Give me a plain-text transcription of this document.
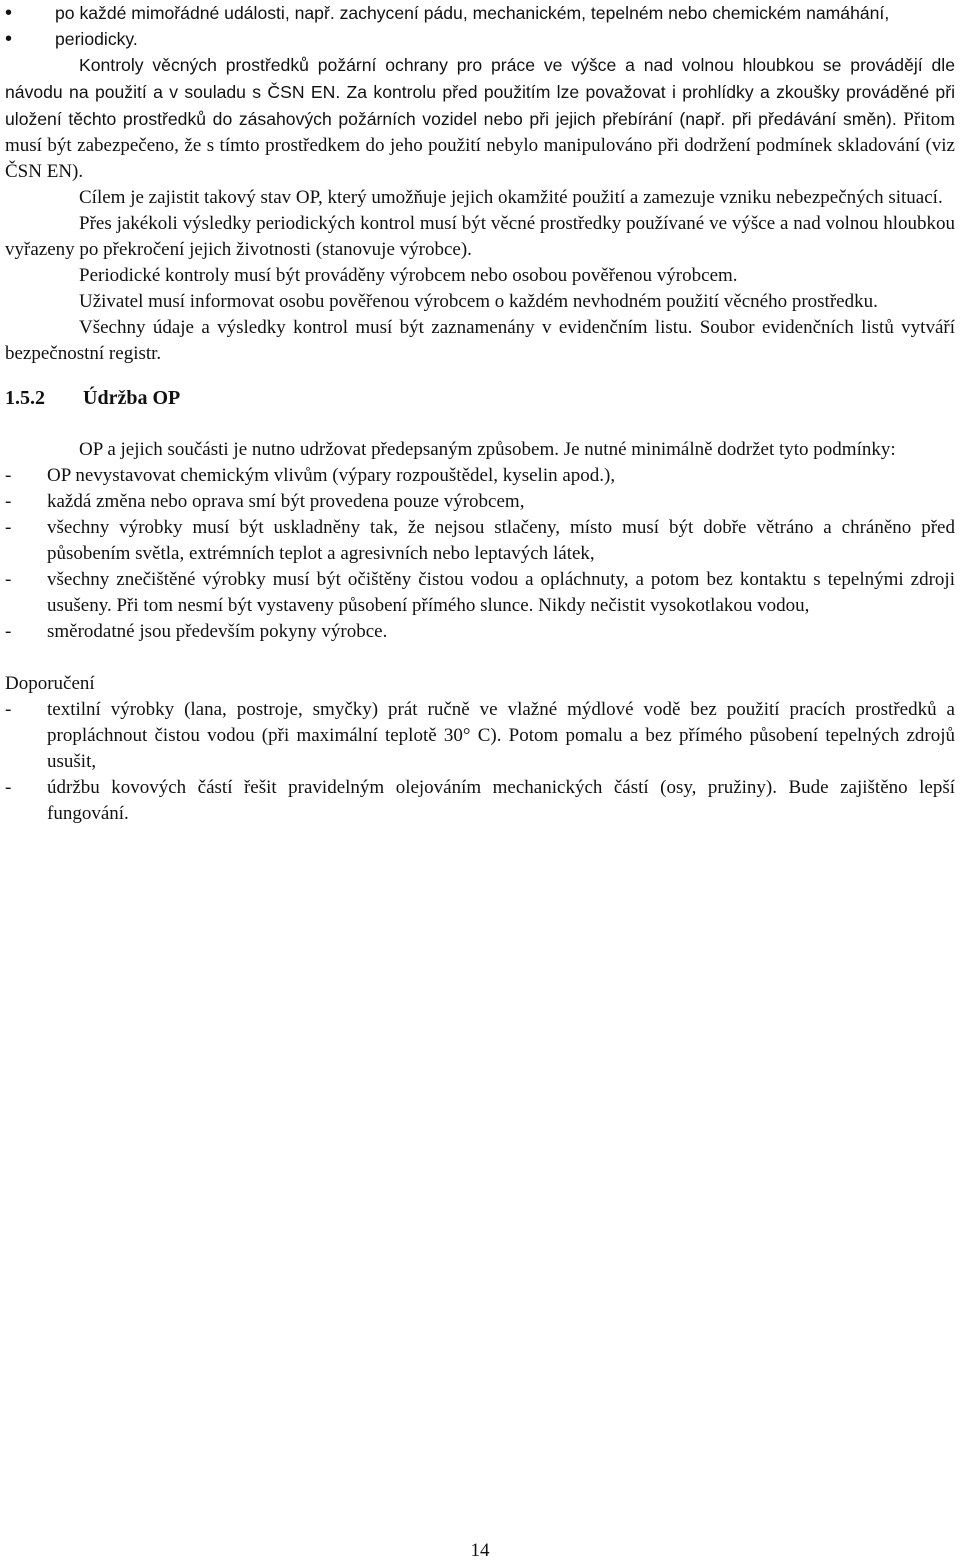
• po každé mimořádné události, např. zachycení pádu, mechanickém, tepelném nebo chemickém namáhání,
• periodicky.

Kontroly věcných prostředků požární ochrany pro práce ve výšce a nad volnou hloubkou se provádějí dle návodu na použití a v souladu s ČSN EN. Za kontrolu před použitím lze považovat i prohlídky a zkoušky prováděné při uložení těchto prostředků do zásahových požárních vozidel nebo při jejich přebírání (např. při předávání směn). Přitom musí být zabezpečeno, že s tímto prostředkem do jeho použití nebylo manipulováno při dodržení podmínek skladování (viz ČSN EN).

Cílem je zajistit takový stav OP, který umožňuje jejich okamžité použití a zamezuje vzniku nebezpečných situací.

Přes jakékoli výsledky periodických kontrol musí být věcné prostředky používané ve výšce a nad volnou hloubkou vyřazeny po překročení jejich životnosti (stanovuje výrobce).

Periodické kontroly musí být prováděny výrobcem nebo osobou pověřenou výrobcem.

Uživatel musí informovat osobu pověřenou výrobcem o každém nevhodném použití věcného prostředku.

Všechny údaje a výsledky kontrol musí být zaznamenány v evidenčním listu. Soubor evidenčních listů vytváří bezpečnostní registr.

1.5.2	Údržba OP

OP a jejich součásti je nutno udržovat předepsaným způsobem. Je nutné minimálně dodržet tyto podmínky:

- OP nevystavovat chemickým vlivům (výpary rozpouštědel, kyselin apod.),
- každá změna nebo oprava smí být provedena pouze výrobcem,
- všechny výrobky musí být uskladněny tak, že nejsou stlačeny, místo musí být dobře větráno a chráněno před působením světla, extrémních teplot a agresivních nebo leptavých látek,
- všechny znečištěné výrobky musí být očištěny čistou vodou a opláchnuty, a potom bez kontaktu s tepelnými zdroji usušeny. Při tom nesmí být vystaveny působení přímého slunce. Nikdy nečistit vysokotlakou vodou,
- směrodatné jsou především pokyny výrobce.

Doporučení

- textilní výrobky (lana, postroje, smyčky) prát ručně ve vlažné mýdlové vodě bez použití pracích prostředků a propláchnout čistou vodou (při maximální teplotě 30° C). Potom pomalu a bez přímého působení tepelných zdrojů usušit,
- údržbu kovových částí řešit pravidelným olejováním mechanických částí (osy, pružiny). Bude zajištěno lepší fungování.
14
